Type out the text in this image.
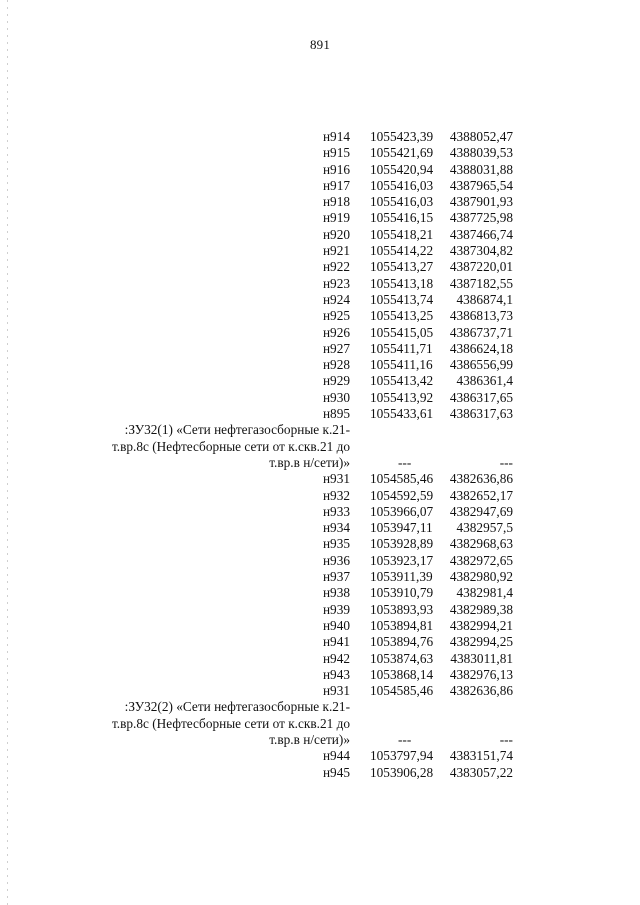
891
н914 1055423,39 4388052,47
н915 1055421,69 4388039,53
н916 1055420,94 4388031,88
н917 1055416,03 4387965,54
н918 1055416,03 4387901,93
н919 1055416,15 4387725,98
н920 1055418,21 4387466,74
н921 1055414,22 4387304,82
н922 1055413,27 4387220,01
н923 1055413,18 4387182,55
н924 1055413,74 4386874,1
н925 1055413,25 4386813,73
н926 1055415,05 4386737,71
н927 1055411,71 4386624,18
н928 1055411,16 4386556,99
н929 1055413,42 4386361,4
н930 1055413,92 4386317,65
н895 1055433,61 4386317,63
:ЗУ32(1) «Сети нефтегазосборные к.21-
т.вр.8с (Нефтесборные сети от к.скв.21 до
т.вр.в н/сети)»	---	---
н931 1054585,46 4382636,86
н932 1054592,59 4382652,17
н933 1053966,07 4382947,69
н934 1053947,11 4382957,5
н935 1053928,89 4382968,63
н936 1053923,17 4382972,65
н937 1053911,39 4382980,92
н938 1053910,79 4382981,4
н939 1053893,93 4382989,38
н940 1053894,81 4382994,21
н941 1053894,76 4382994,25
н942 1053874,63 4383011,81
н943 1053868,14 4382976,13
н931 1054585,46 4382636,86
:ЗУ32(2) «Сети нефтегазосборные к.21-
т.вр.8с (Нефтесборные сети от к.скв.21 до
т.вр.в н/сети)»	---	---
н944 1053797,94 4383151,74
н945 1053906,28 4383057,22
